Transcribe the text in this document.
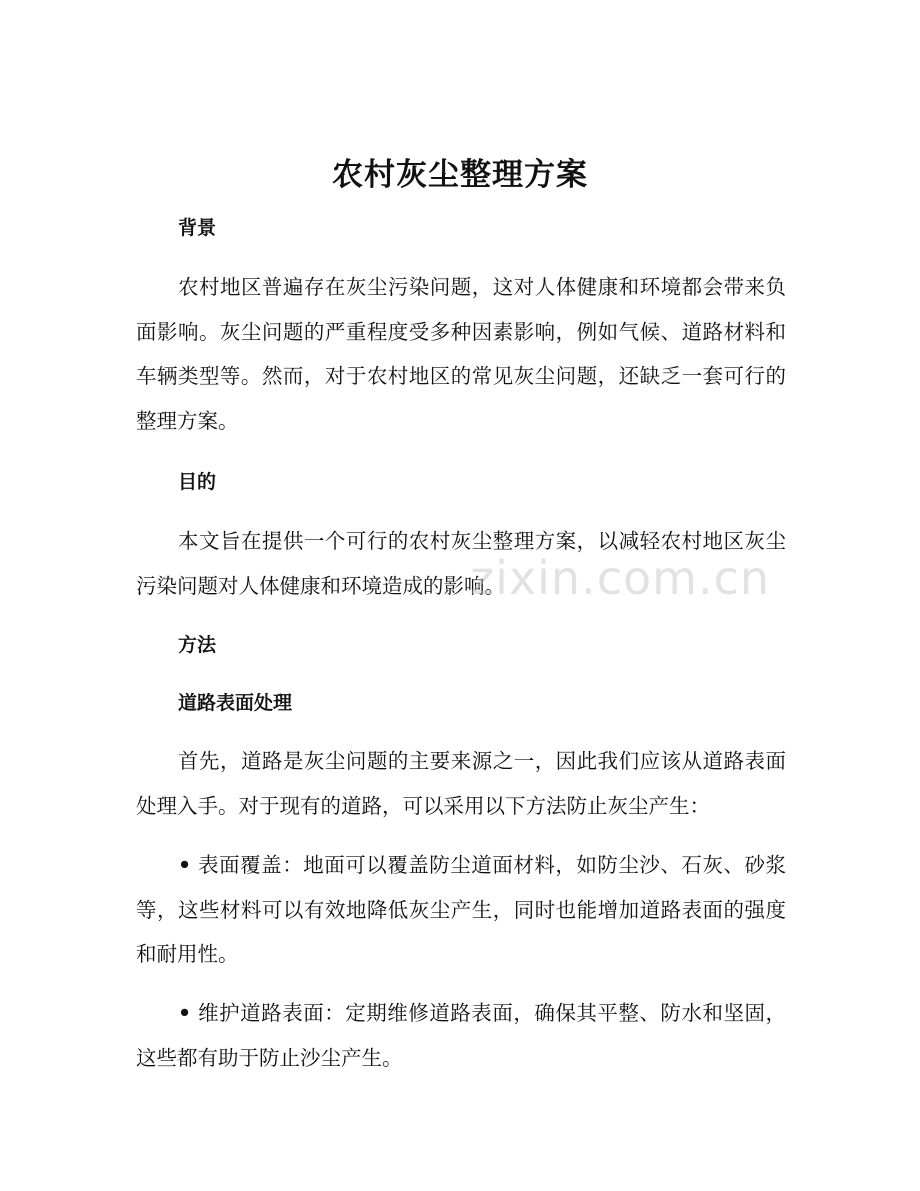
农村灰尘整理方案
背景

农村地区普遍存在灰尘污染问题，这对人体健康和环境都会带来负面影响。灰尘问题的严重程度受多种因素影响，例如气候、道路材料和车辆类型等。然而，对于农村地区的常见灰尘问题，还缺乏一套可行的整理方案。

目的

本文旨在提供一个可行的农村灰尘整理方案，以减轻农村地区灰尘污染问题对人体健康和环境造成的影响。

方法
道路表面处理

首先，道路是灰尘问题的主要来源之一，因此我们应该从道路表面处理入手。对于现有的道路，可以采用以下方法防止灰尘产生：

• 表面覆盖：地面可以覆盖防尘道面材料，如防尘沙、石灰、砂浆等，这些材料可以有效地降低灰尘产生，同时也能增加道路表面的强度和耐用性。

• 维护道路表面：定期维修道路表面，确保其平整、防水和坚固，这些都有助于防止沙尘产生。

zixin.com.cn
